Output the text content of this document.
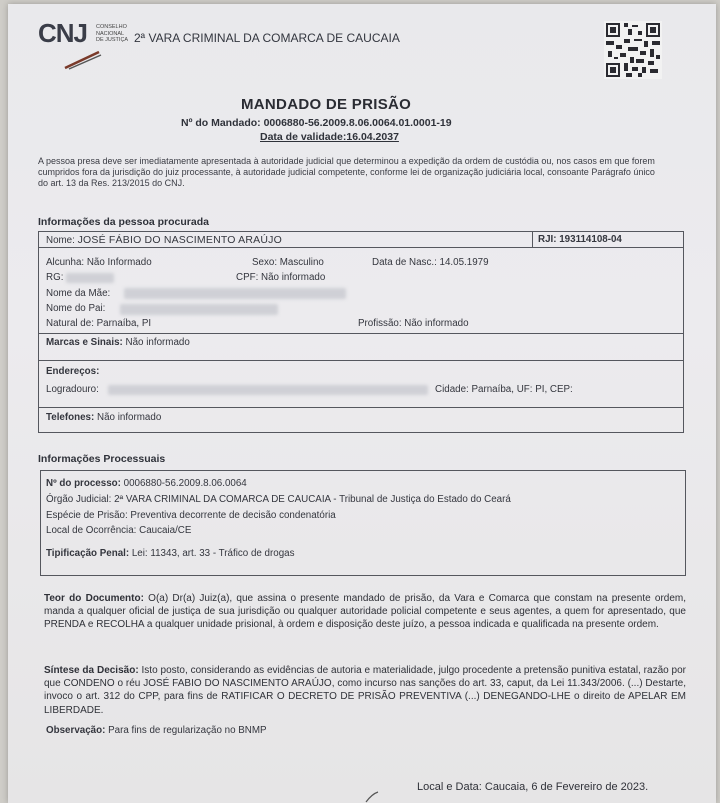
CNJ CONSELHO
NACIONAL
DE JUSTIÇA 2ª VARA CRIMINAL DA COMARCA DE CAUCAIA
MANDADO DE PRISÃO
Nº do Mandado: 0006880-56.2009.8.06.0064.01.0001-19
Data de validade:16.04.2037
A pessoa presa deve ser imediatamente apresentada à autoridade judicial que determinou a expedição da ordem de custódia ou, nos casos em que forem cumpridos fora da jurisdição do juiz processante, à autoridade judicial competente, conforme lei de organização judiciária local, consoante Parágrafo único do art. 13 da Res. 213/2015 do CNJ.
Informações da pessoa procurada
Nome: JOSÉ FÁBIO DO NASCIMENTO ARAÚJO	RJI: 193114108-04
Alcunha: Não Informado	Sexo: Masculino	Data de Nasc.: 14.05.1979
RG:	CPF: Não informado
Nome da Mãe:
Nome do Pai:
Natural de: Parnaíba, PI	Profissão: Não informado
Marcas e Sinais: Não informado
Endereços:
Logradouro:	Cidade: Parnaíba, UF: PI, CEP:
Telefones: Não informado
Informações Processuais
Nº do processo: 0006880-56.2009.8.06.0064
Órgão Judicial: 2ª VARA CRIMINAL DA COMARCA DE CAUCAIA - Tribunal de Justiça do Estado do Ceará
Espécie de Prisão: Preventiva decorrente de decisão condenatória
Local de Ocorrência: Caucaia/CE
Tipificação Penal: Lei: 11343, art. 33 - Tráfico de drogas
Teor do Documento: O(a) Dr(a) Juiz(a), que assina o presente mandado de prisão, da Vara e Comarca que constam na presente ordem, manda a qualquer oficial de justiça de sua jurisdição ou qualquer autoridade policial competente e seus agentes, a quem for apresentado, que PRENDA e RECOLHA a qualquer unidade prisional, à ordem e disposição deste juízo, a pessoa indicada e qualificada na presente ordem.
Síntese da Decisão: Isto posto, considerando as evidências de autoria e materialidade, julgo procedente a pretensão punitiva estatal, razão por que CONDENO o réu JOSÉ FABIO DO NASCIMENTO ARAÚJO, como incurso nas sanções do art. 33, caput, da Lei 11.343/2006. (...) Destarte, invoco o art. 312 do CPP, para fins de RATIFICAR O DECRETO DE PRISÃO PREVENTIVA (...) DENEGANDO-LHE o direito de APELAR EM LIBERDADE.
Observação: Para fins de regularização no BNMP
Local e Data: Caucaia, 6 de Fevereiro de 2023.
